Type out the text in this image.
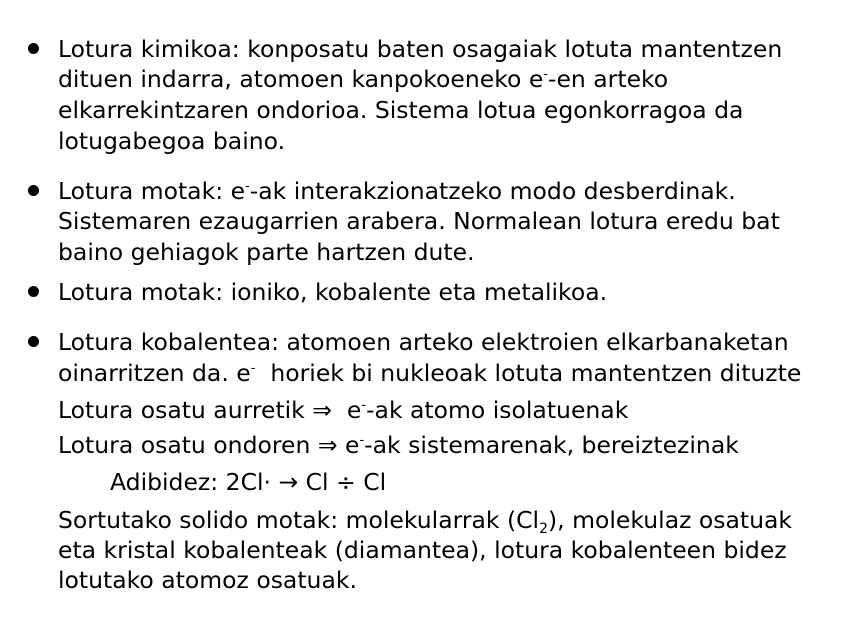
Lotura kimikoa: konposatu baten osagaiak lotuta mantentzen
dituen indarra, atomoen kanpokoeneko e--en arteko
elkarrekintzaren ondorioa. Sistema lotua egonkorragoa da
lotugabegoa baino.
Lotura motak: e--ak interakzionatzeko modo desberdinak.
Sistemaren ezaugarrien arabera. Normalean lotura eredu bat
baino gehiagok parte hartzen dute.
Lotura motak: ioniko, kobalente eta metalikoa.
Lotura kobalentea: atomoen arteko elektroien elkarbanaketan
oinarritzen da. e-  horiek bi nukleoak lotuta mantentzen dituzte
Lotura osatu aurretik ⇒  e--ak atomo isolatuenak
Lotura osatu ondoren ⇒ e--ak sistemarenak, bereiztezinak
Adibidez: 2Cl· → Cl ÷ Cl
Sortutako solido motak: molekularrak $(Cl_2)$, molekulaz osatuak
eta kristal kobalenteak (diamantea), lotura kobalenteen bidez
lotutako atomoz osatuak.
